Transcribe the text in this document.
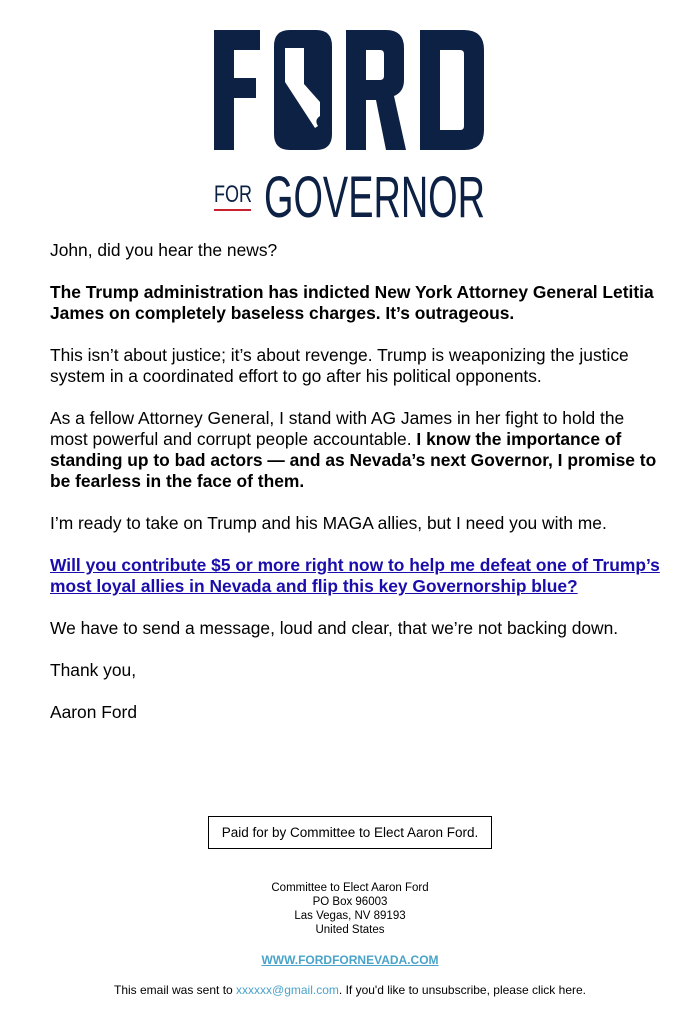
FOR GOVERNOR

John, did you hear the news?

The Trump administration has indicted New York Attorney General Letitia James on completely baseless charges. It’s outrageous.

This isn’t about justice; it’s about revenge. Trump is weaponizing the justice system in a coordinated effort to go after his political opponents.

As a fellow Attorney General, I stand with AG James in her fight to hold the most powerful and corrupt people accountable. I know the importance of standing up to bad actors — and as Nevada’s next Governor, I promise to be fearless in the face of them.

I’m ready to take on Trump and his MAGA allies, but I need you with me.

Will you contribute $5 or more right now to help me defeat one of Trump’s most loyal allies in Nevada and flip this key Governorship blue?

We have to send a message, loud and clear, that we’re not backing down.

Thank you,

Aaron Ford

Paid for by Committee to Elect Aaron Ford.
Committee to Elect Aaron Ford
PO Box 96003
Las Vegas, NV 89193
United States
WWW.FORDFORNEVADA.COM
This email was sent to xxxxxx@gmail.com. If you'd like to unsubscribe, please click here.
